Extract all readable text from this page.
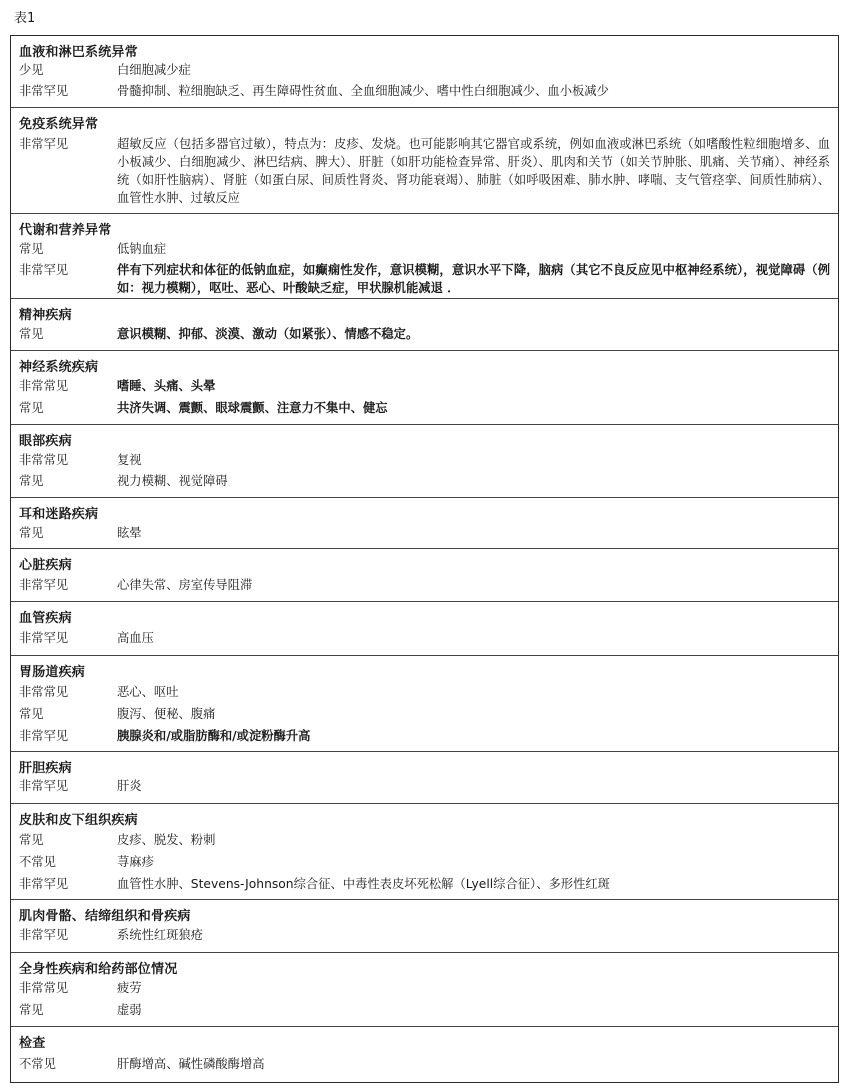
表1
血液和淋巴系统异常
少见	白细胞减少症
非常罕见	骨髓抑制、粒细胞缺乏、再生障碍性贫血、全血细胞减少、嗜中性白细胞减少、血小板减少
免疫系统异常
非常罕见	超敏反应（包括多器官过敏），特点为：皮疹、发烧。也可能影响其它器官或系统，例如血液或淋巴系统（如嗜酸性粒细胞增多、血小板减少、白细胞减少、淋巴结病、脾大）、肝脏（如肝功能检查异常、肝炎）、肌肉和关节（如关节肿胀、肌痛、关节痛）、神经系统（如肝性脑病）、肾脏（如蛋白尿、间质性肾炎、肾功能衰竭）、肺脏（如呼吸困难、肺水肿、哮喘、支气管痉挛、间质性肺病）、血管性水肿、过敏反应
代谢和营养异常
常见	低钠血症
非常罕见	伴有下列症状和体征的低钠血症，如癫痫性发作，意识模糊，意识水平下降，脑病（其它不良反应见中枢神经系统），视觉障碍（例如：视力模糊），呕吐、恶心、叶酸缺乏症，甲状腺机能减退 ．
精神疾病
常见	意识模糊、抑郁、淡漠、激动（如紧张）、情感不稳定。
神经系统疾病
非常常见	嗜睡、头痛、头晕
常见	共济失调、震颤、眼球震颤、注意力不集中、健忘
眼部疾病
非常常见	复视
常见	视力模糊、视觉障碍
耳和迷路疾病
常见	眩晕
心脏疾病
非常罕见	心律失常、房室传导阻滞
血管疾病
非常罕见	高血压
胃肠道疾病
非常常见	恶心、呕吐
常见	腹泻、便秘、腹痛
非常罕见	胰腺炎和/或脂肪酶和/或淀粉酶升高
肝胆疾病
非常罕见	肝炎
皮肤和皮下组织疾病
常见	皮疹、脱发、粉刺
不常见	荨麻疹
非常罕见	血管性水肿、Stevens-Johnson综合征、中毒性表皮坏死松解（Lyell综合征）、多形性红斑
肌肉骨骼、结缔组织和骨疾病
非常罕见	系统性红斑狼疮
全身性疾病和给药部位情况
非常常见	疲劳
常见	虚弱
检查
不常见	肝酶增高、碱性磷酸酶增高
